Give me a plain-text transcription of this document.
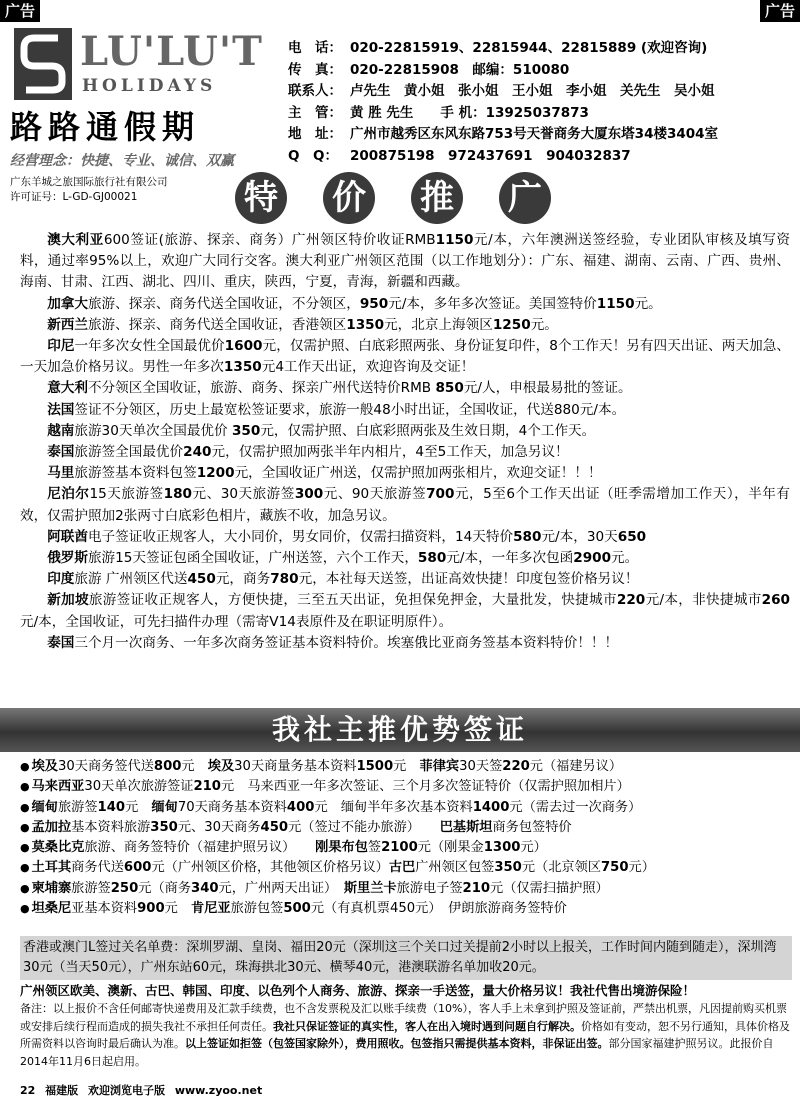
广告	广告
LU'LU'T
HOLIDAYS
路路通假期
经营理念：快捷、专业、诚信、双赢
广东羊城之旅国际旅行社有限公司
许可证号：L-GD-GJ00021
电　话： 020-22815919、22815944、22815889 (欢迎咨询)
传　真： 020-22815908　邮编：510080
联系人： 卢先生　黄小姐　张小姐　王小姐　李小姐　关先生　吴小姐
主　管： 黄 胜 先生　　手 机：13925037873
地　址： 广州市越秀区东风东路753号天誉商务大厦东塔34楼3404室
Q　Q： 200875198　972437691　904032837
特 价 推 广

澳大利亚600签证(旅游、探亲、商务）广州领区特价收证RMB1150元/本，六年澳洲送签经验，专业团队审核及填写资料，通过率95%以上，欢迎广大同行交客。澳大利亚广州领区范围（以工作地划分）：广东、福建、湖南、云南、广西、贵州、海南、甘肃、江西、湖北、四川、重庆，陕西，宁夏，青海，新疆和西藏。

加拿大旅游、探亲、商务代送全国收证，不分领区，950元/本，多年多次签证。美国签特价1150元。

新西兰旅游、探亲、商务代送全国收证，香港领区1350元，北京上海领区1250元。

印尼一年多次女性全国最优价1600元，仅需护照、白底彩照两张、身份证复印件，8个工作天！另有四天出证、两天加急、一天加急价格另议。男性一年多次1350元4工作天出证，欢迎咨询及交证！

意大利不分领区全国收证，旅游、商务、探亲广州代送特价RMB 850元/人，申根最易批的签证。

法国签证不分领区，历史上最宽松签证要求，旅游一般48小时出证，全国收证，代送880元/本。

越南旅游30天单次全国最优价 350元，仅需护照、白底彩照两张及生效日期，4个工作天。

泰国旅游签全国最优价240元，仅需护照加两张半年内相片，4至5工作天，加急另议！

马里旅游签基本资料包签1200元，全国收证广州送，仅需护照加两张相片，欢迎交证！！！

尼泊尔15天旅游签180元、30天旅游签300元、90天旅游签700元，5至6个工作天出证（旺季需增加工作天），半年有效，仅需护照加2张两寸白底彩色相片，藏族不收，加急另议。

阿联酋电子签证收正规客人，大小同价，男女同价，仅需扫描资料，14天特价580元/本，30天650

俄罗斯旅游15天签证包函全国收证，广州送签，六个工作天，580元/本，一年多次包函2900元。

印度旅游 广州领区代送450元，商务780元，本社每天送签，出证高效快捷！印度包签价格另议！

新加坡旅游签证收正规客人，方便快捷，三至五天出证，免担保免押金，大量批发，快捷城市220元/本，非快捷城市260元/本，全国收证，可先扫描件办理（需寄V14表原件及在职证明原件）。

泰国三个月一次商务、一年多次商务签证基本资料特价。埃塞俄比亚商务签基本资料特价！！！

我社主推优势签证
● 埃及30天商务签代送800元　埃及30天商量务基本资料1500元　菲律宾30天签220元（福建另议）
● 马来西亚30天单次旅游签证210元　马来西亚一年多次签证、三个月多次签证特价（仅需护照加相片）
● 缅甸旅游签140元　缅甸70天商务基本资料400元　缅甸半年多次基本资料1400元（需去过一次商务）
● 孟加拉基本资料旅游350元、30天商务450元（签过不能办旅游）　　巴基斯坦商务包签特价
● 莫桑比克旅游、商务签特价（福建护照另议）　　刚果布包签2100元（刚果金1300元）
● 土耳其商务代送600元（广州领区价格，其他领区价格另议）古巴广州领区包签350元（北京领区750元）
● 柬埔寨旅游签250元（商务340元，广州两天出证）　斯里兰卡旅游电子签210元（仅需扫描护照）
● 坦桑尼亚基本资料900元　肯尼亚旅游包签500元（有真机票450元）　伊朗旅游商务签特价
香港或澳门L签过关名单费：深圳罗湖、皇岗、福田20元（深圳这三个关口过关提前2小时以上报关，工作时间内随到随走），深圳湾30元（当天50元），广州东站60元，珠海拱北30元、横琴40元，港澳联游名单加收20元。
广州领区欧美、澳新、古巴、韩国、印度、以色列个人商务、旅游、探亲一手送签，量大价格另议！我社代售出境游保险！
备注：以上报价不含任何邮寄快递费用及汇款手续费，也不含发票税及汇以账手续费（10%），客人手上未拿到护照及签证前，严禁出机票，凡因提前购买机票或安排后续行程而造成的损失我社不承担任何责任。我社只保证签证的真实性，客人在出入境时遇到问题自行解决。价格如有变动，恕不另行通知，具体价格及所需资料以咨询时最后确认为准。以上签证如拒签（包签国家除外），费用照收。包签指只需提供基本资料，非保证出签。部分国家福建护照另议。此报价自2014年11月6日起启用。
22 福建版 欢迎浏览电子版 www.zyoo.net
